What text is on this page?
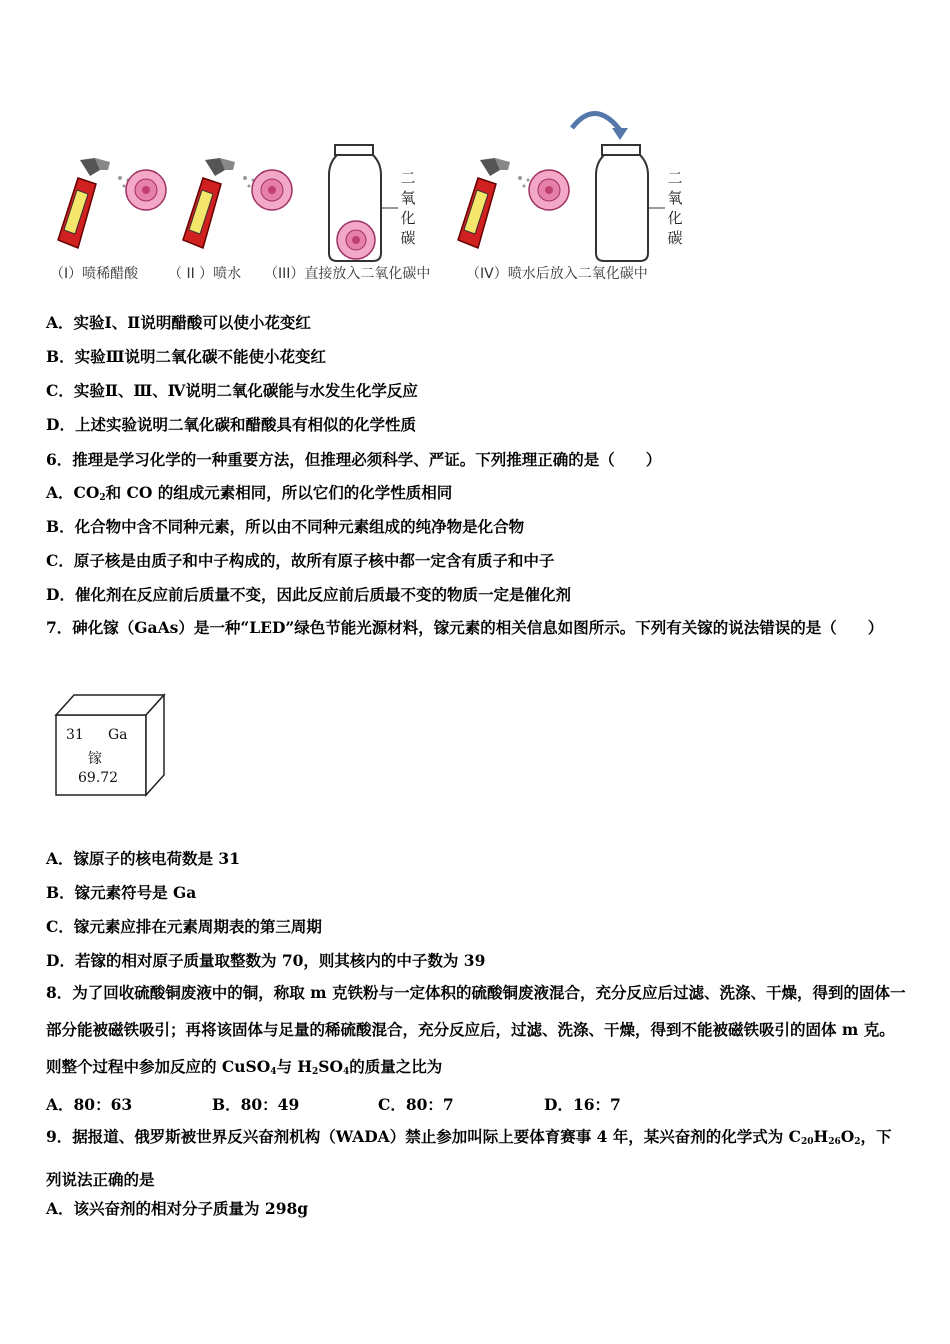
二
氧
化
碳
二
氧
化
碳
（I）喷稀醋酸 （ II ）喷水 （III）直接放入二氧化碳中	（IV）喷水后放入二氧化碳中
A．实验Ⅰ、Ⅱ说明醋酸可以使小花变红
B．实验Ⅲ说明二氧化碳不能使小花变红
C．实验Ⅱ、Ⅲ、Ⅳ说明二氧化碳能与水发生化学反应
D．上述实验说明二氧化碳和醋酸具有相似的化学性质
6．推理是学习化学的一种重要方法，但推理必须科学、严证。下列推理正确的是（　　）
A．$CO_2$和 CO 的组成元素相同，所以它们的化学性质相同
B．化合物中含不同种元素，所以由不同种元素组成的纯净物是化合物
C．原子核是由质子和中子构成的，故所有原子核中都一定含有质子和中子
D．催化剂在反应前后质量不变，因此反应前后质最不变的物质一定是催化剂
7．砷化镓（GaAs）是一种“LED”绿色节能光源材料，镓元素的相关信息如图所示。下列有关镓的说法错误的是（　　）
31 Ga
镓
69.72
A．镓原子的核电荷数是 31
B．镓元素符号是 Ga
C．镓元素应排在元素周期表的第三周期
D．若镓的相对原子质量取整数为 70，则其核内的中子数为 39
8．为了回收硫酸铜废液中的铜，称取 m 克铁粉与一定体积的硫酸铜废液混合，充分反应后过滤、洗涤、干燥，得到的固体一部分能被磁铁吸引；再将该固体与足量的稀硫酸混合，充分反应后，过滤、洗涤、干燥，得到不能被磁铁吸引的固体 m 克。则整个过程中参加反应的 CuSO$_4$与 $H_2SO_4$的质量之比为
A．80：63	B．80：49	C．80：7	D．16：7
9．据报道、俄罗斯被世界反兴奋剂机构（WADA）禁止参加叫际上要体育赛事 4 年，某兴奋剂的化学式为 $C_{20}H_{26}O_2$，下列说法正确的是
A．该兴奋剂的相对分子质量为 298g
